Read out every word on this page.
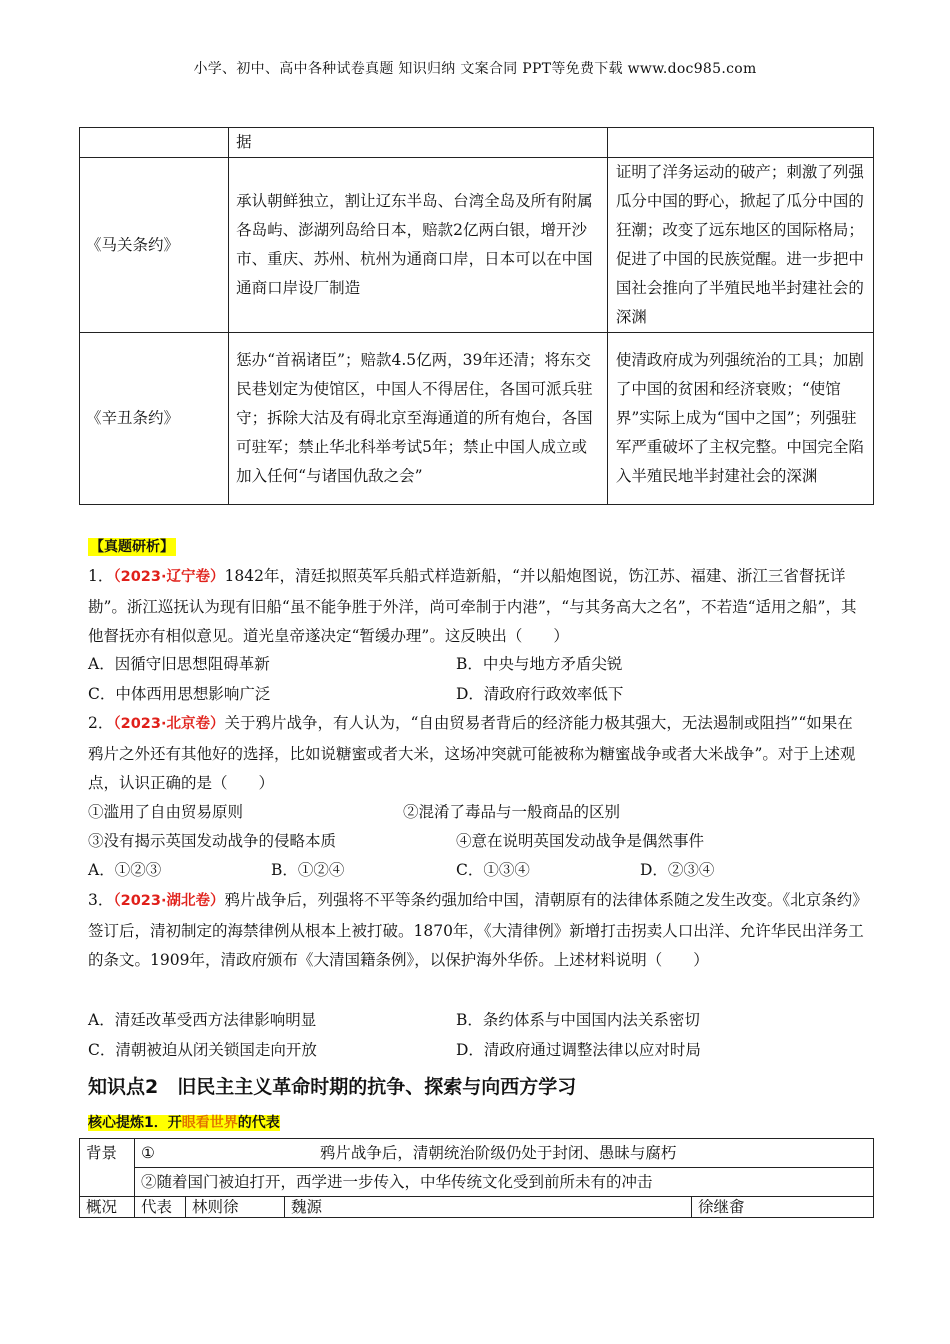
小学、初中、高中各种试卷真题 知识归纳 文案合同 PPT等免费下载 www.doc985.com
	据	
《马关条约》	承认朝鲜独立，割让辽东半岛、台湾全岛及所有附属各岛屿、澎湖列岛给日本，赔款2亿两白银，增开沙市、重庆、苏州、杭州为通商口岸，日本可以在中国通商口岸设厂制造	证明了洋务运动的破产；刺激了列强瓜分中国的野心，掀起了瓜分中国的狂潮；改变了远东地区的国际格局；促进了中国的民族觉醒。进一步把中国社会推向了半殖民地半封建社会的深渊
《辛丑条约》	惩办“首祸诸臣”；赔款4.5亿两，39年还清；将东交民巷划定为使馆区，中国人不得居住，各国可派兵驻守；拆除大沽及有碍北京至海通道的所有炮台，各国可驻军；禁止华北科举考试5年；禁止中国人成立或加入任何“与诸国仇敌之会”	使清政府成为列强统治的工具；加剧了中国的贫困和经济衰败；“使馆界”实际上成为“国中之国”；列强驻军严重破坏了主权完整。中国完全陷入半殖民地半封建社会的深渊
【真题研析】
1．（2023·辽宁卷）1842年，清廷拟照英军兵船式样造新船，“并以船炮图说，饬江苏、福建、浙江三省督抚详勘”。浙江巡抚认为现有旧船“虽不能争胜于外洋，尚可牵制于内港”，“与其务高大之名”，不若造“适用之船”，其他督抚亦有相似意见。道光皇帝遂决定“暂缓办理”。这反映出（　　）
A．因循守旧思想阻碍革新	B．中央与地方矛盾尖锐
C．中体西用思想影响广泛	D．清政府行政效率低下
2．（2023·北京卷）关于鸦片战争，有人认为，“自由贸易者背后的经济能力极其强大，无法遏制或阻挡”“如果在鸦片之外还有其他好的选择，比如说糖蜜或者大米，这场冲突就可能被称为糖蜜战争或者大米战争”。对于上述观点，认识正确的是（　　）
①滥用了自由贸易原则	②混淆了毒品与一般商品的区别
③没有揭示英国发动战争的侵略本质	④意在说明英国发动战争是偶然事件
A．①②③	B．①②④	C．①③④	D．②③④
3．（2023·湖北卷）鸦片战争后，列强将不平等条约强加给中国，清朝原有的法律体系随之发生改变。《北京条约》签订后，清初制定的海禁律例从根本上被打破。1870年，《大清律例》新增打击拐卖人口出洋、允许华民出洋务工的条文。1909年，清政府颁布《大清国籍条例》，以保护海外华侨。上述材料说明（　　）
A．清廷改革受西方法律影响明显	B．条约体系与中国国内法关系密切
C．清朝被迫从闭关锁国走向开放	D．清政府通过调整法律以应对时局
知识点2　旧民主主义革命时期的抗争、探索与向西方学习
核心提炼1．开眼看世界的代表
背景	① 鸦片战争后，清朝统治阶级仍处于封闭、愚昧与腐朽			
	②随着国门被迫打开，西学进一步传入，中华传统文化受到前所未有的冲击			
概况	代表	林则徐	魏源	徐继畬
